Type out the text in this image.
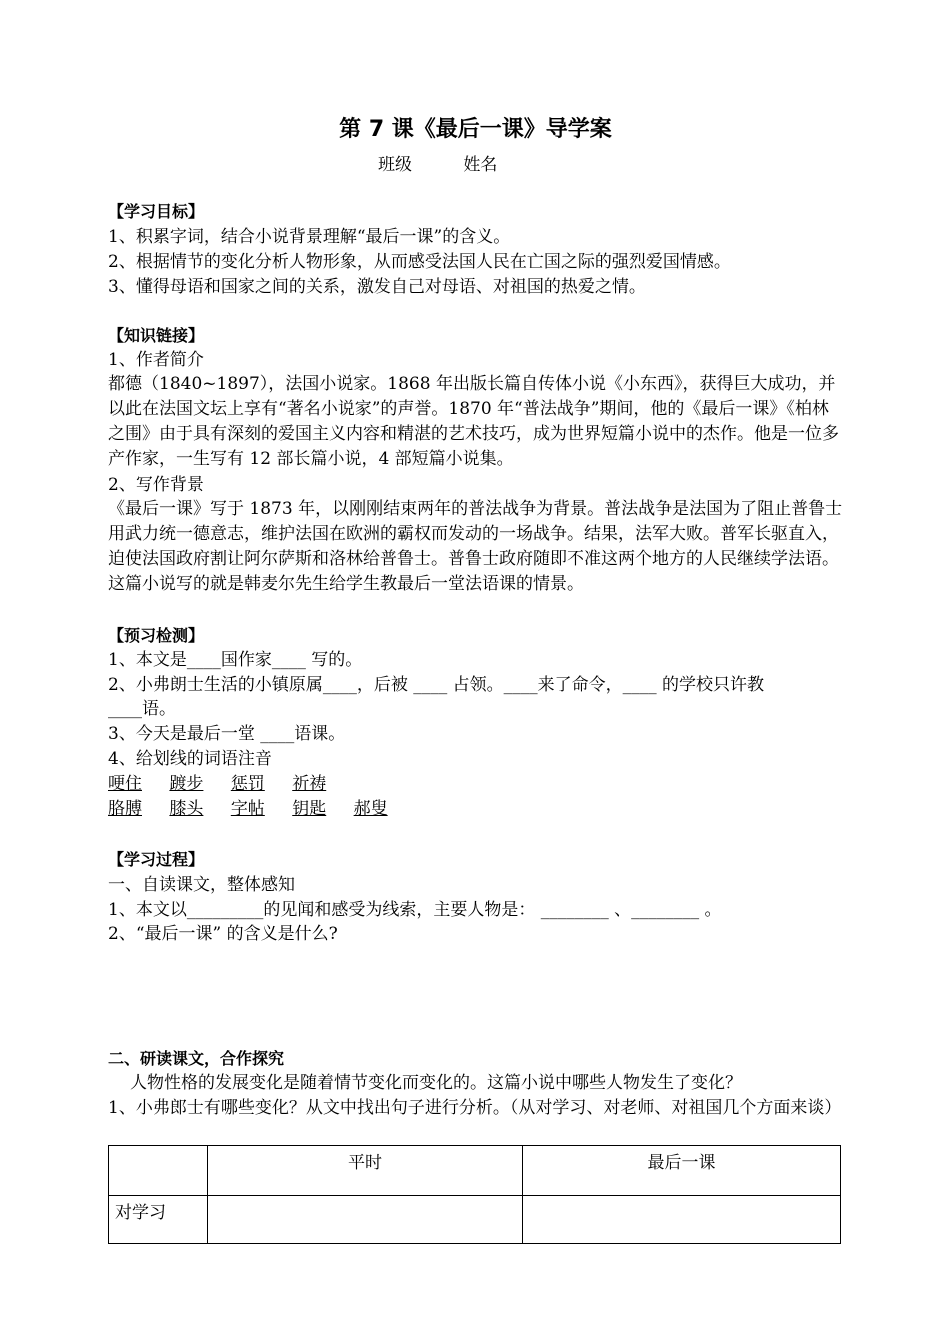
第 7 课《最后一课》导学案
班级	姓名
【学习目标】
1、积累字词，结合小说背景理解“最后一课”的含义。
2、根据情节的变化分析人物形象，从而感受法国人民在亡国之际的强烈爱国情感。
3、懂得母语和国家之间的关系，激发自己对母语、对祖国的热爱之情。
【知识链接】
1、作者简介
都德（1840~1897），法国小说家。1868 年出版长篇自传体小说《小东西》，获得巨大成功，并以此在法国文坛上享有“著名小说家”的声誉。1870 年“普法战争”期间，他的《最后一课》《柏林之围》由于具有深刻的爱国主义内容和精湛的艺术技巧，成为世界短篇小说中的杰作。他是一位多产作家，一生写有 12 部长篇小说，4 部短篇小说集。
2、写作背景
《最后一课》写于 1873 年，以刚刚结束两年的普法战争为背景。普法战争是法国为了阻止普鲁士用武力统一德意志，维护法国在欧洲的霸权而发动的一场战争。结果，法军大败。普军长驱直入，迫使法国政府割让阿尔萨斯和洛林给普鲁士。普鲁士政府随即不准这两个地方的人民继续学法语。这篇小说写的就是韩麦尔先生给学生教最后一堂法语课的情景。
【预习检测】
1、本文是____国作家____ 写的。
2、小弗朗士生活的小镇原属____，后被 ____ 占领。____来了命令，____ 的学校只许教
____语。
3、今天是最后一堂 ____语课。
4、给划线的词语注音
哽住 踱步 惩罚 祈祷
胳膊 膝头 字帖 钥匙 郝叟
【学习过程】
一、自读课文，整体感知
1、本文以_________的见闻和感受为线索，主要人物是： ________ 、________ 。
2、“最后一课” 的含义是什么?
二、研读课文，合作探究
人物性格的发展变化是随着情节变化而变化的。这篇小说中哪些人物发生了变化？
1、小弗郎士有哪些变化？从文中找出句子进行分析。（从对学习、对老师、对祖国几个方面来谈）
	平时	最后一课
对学习		
